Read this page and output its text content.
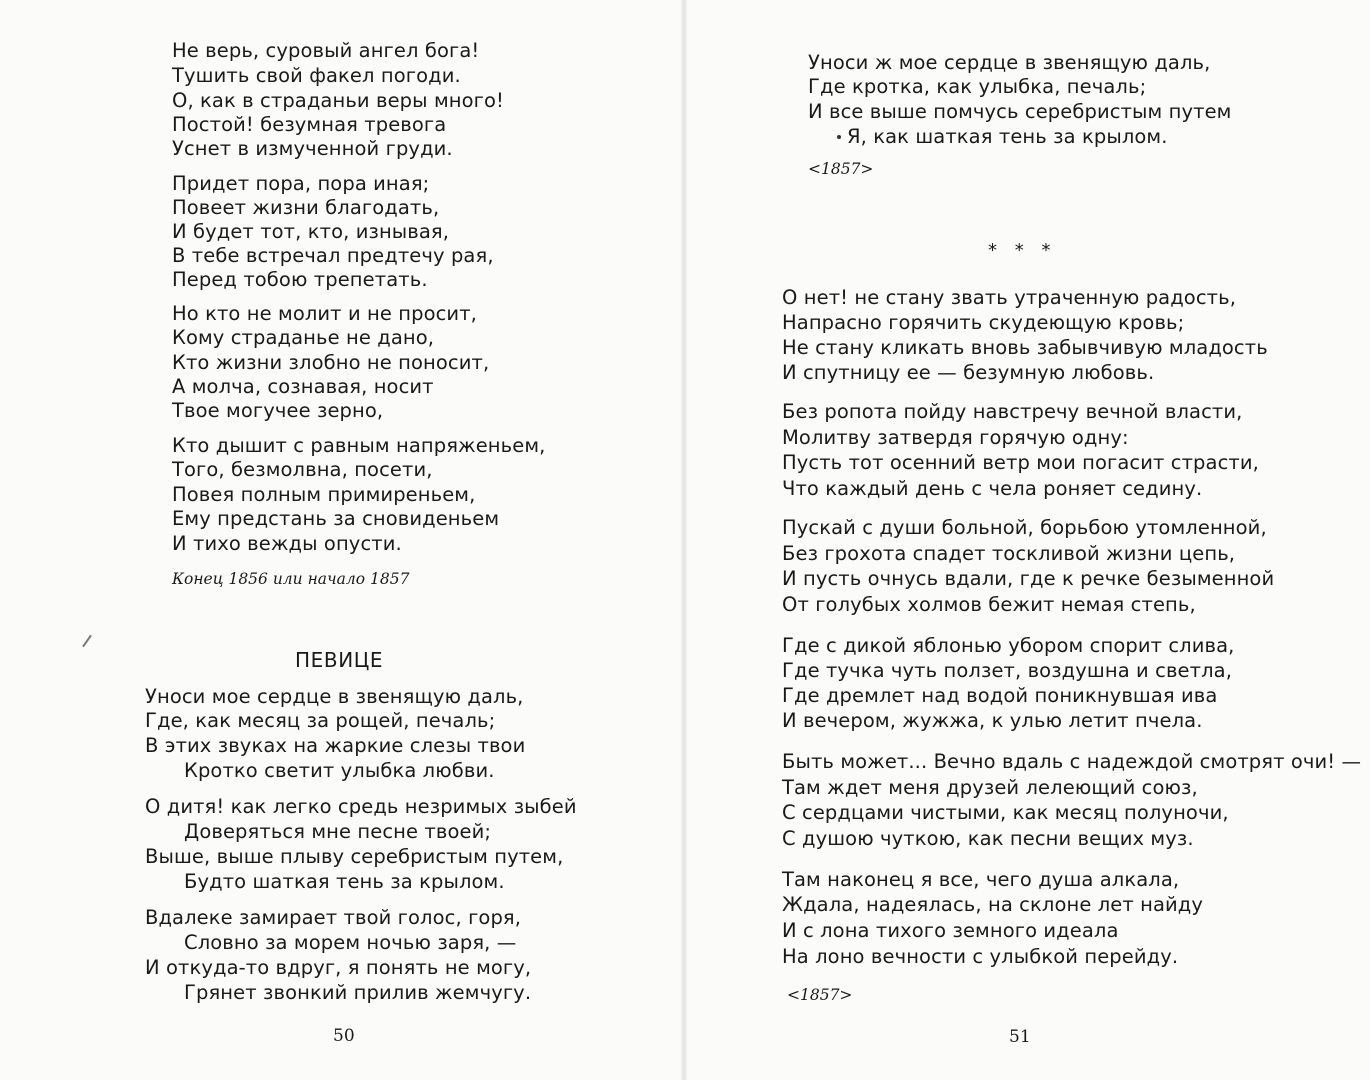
Не верь, суровый ангел бога!
Тушить свой факел погоди.
О, как в страданьи веры много!
Постой! безумная тревога
Уснет в измученной груди.
Придет пора, пора иная;
Повеет жизни благодать,
И будет тот, кто, изнывая,
В тебе встречал предтечу рая,
Перед тобою трепетать.
Но кто не молит и не просит,
Кому страданье не дано,
Кто жизни злобно не поносит,
А молча, сознавая, носит
Твое могучее зерно,
Кто дышит с равным напряженьем,
Того, безмолвна, посети,
Повея полным примиреньем,
Ему предстань за сновиденьем
И тихо вежды опусти.
Конец 1856 или начало 1857
ПЕВИЦЕ
Уноси мое сердце в звенящую даль,
Где, как месяц за рощей, печаль;
В этих звуках на жаркие слезы твои
Кротко светит улыбка любви.
О дитя! как легко средь незримых зыбей
Доверяться мне песне твоей;
Выше, выше плыву серебристым путем,
Будто шаткая тень за крылом.
Вдалеке замирает твой голос, горя,
Словно за морем ночью заря, —
И откуда-то вдруг, я понять не могу,
Грянет звонкий прилив жемчугу.
50
Уноси ж мое сердце в звенящую даль,
Где кротка, как улыбка, печаль;
И все выше помчусь серебристым путем
Я, как шаткая тень за крылом.
<1857>
* * *
О нет! не стану звать утраченную радость,
Напрасно горячить скудеющую кровь;
Не стану кликать вновь забывчивую младость
И спутницу ее — безумную любовь.
Без ропота пойду навстречу вечной власти,
Молитву затвердя горячую одну:
Пусть тот осенний ветр мои погасит страсти,
Что каждый день с чела роняет седину.
Пускай с души больной, борьбою утомленной,
Без грохота спадет тоскливой жизни цепь,
И пусть очнусь вдали, где к речке безыменной
От голубых холмов бежит немая степь,
Где с дикой яблонью убором спорит слива,
Где тучка чуть ползет, воздушна и светла,
Где дремлет над водой поникнувшая ива
И вечером, жужжа, к улью летит пчела.
Быть может... Вечно вдаль с надеждой смотрят очи! —
Там ждет меня друзей лелеющий союз,
С сердцами чистыми, как месяц полуночи,
С душою чуткою, как песни вещих муз.
Там наконец я все, чего душа алкала,
Ждала, надеялась, на склоне лет найду
И с лона тихого земного идеала
На лоно вечности с улыбкой перейду.
<1857>
51
